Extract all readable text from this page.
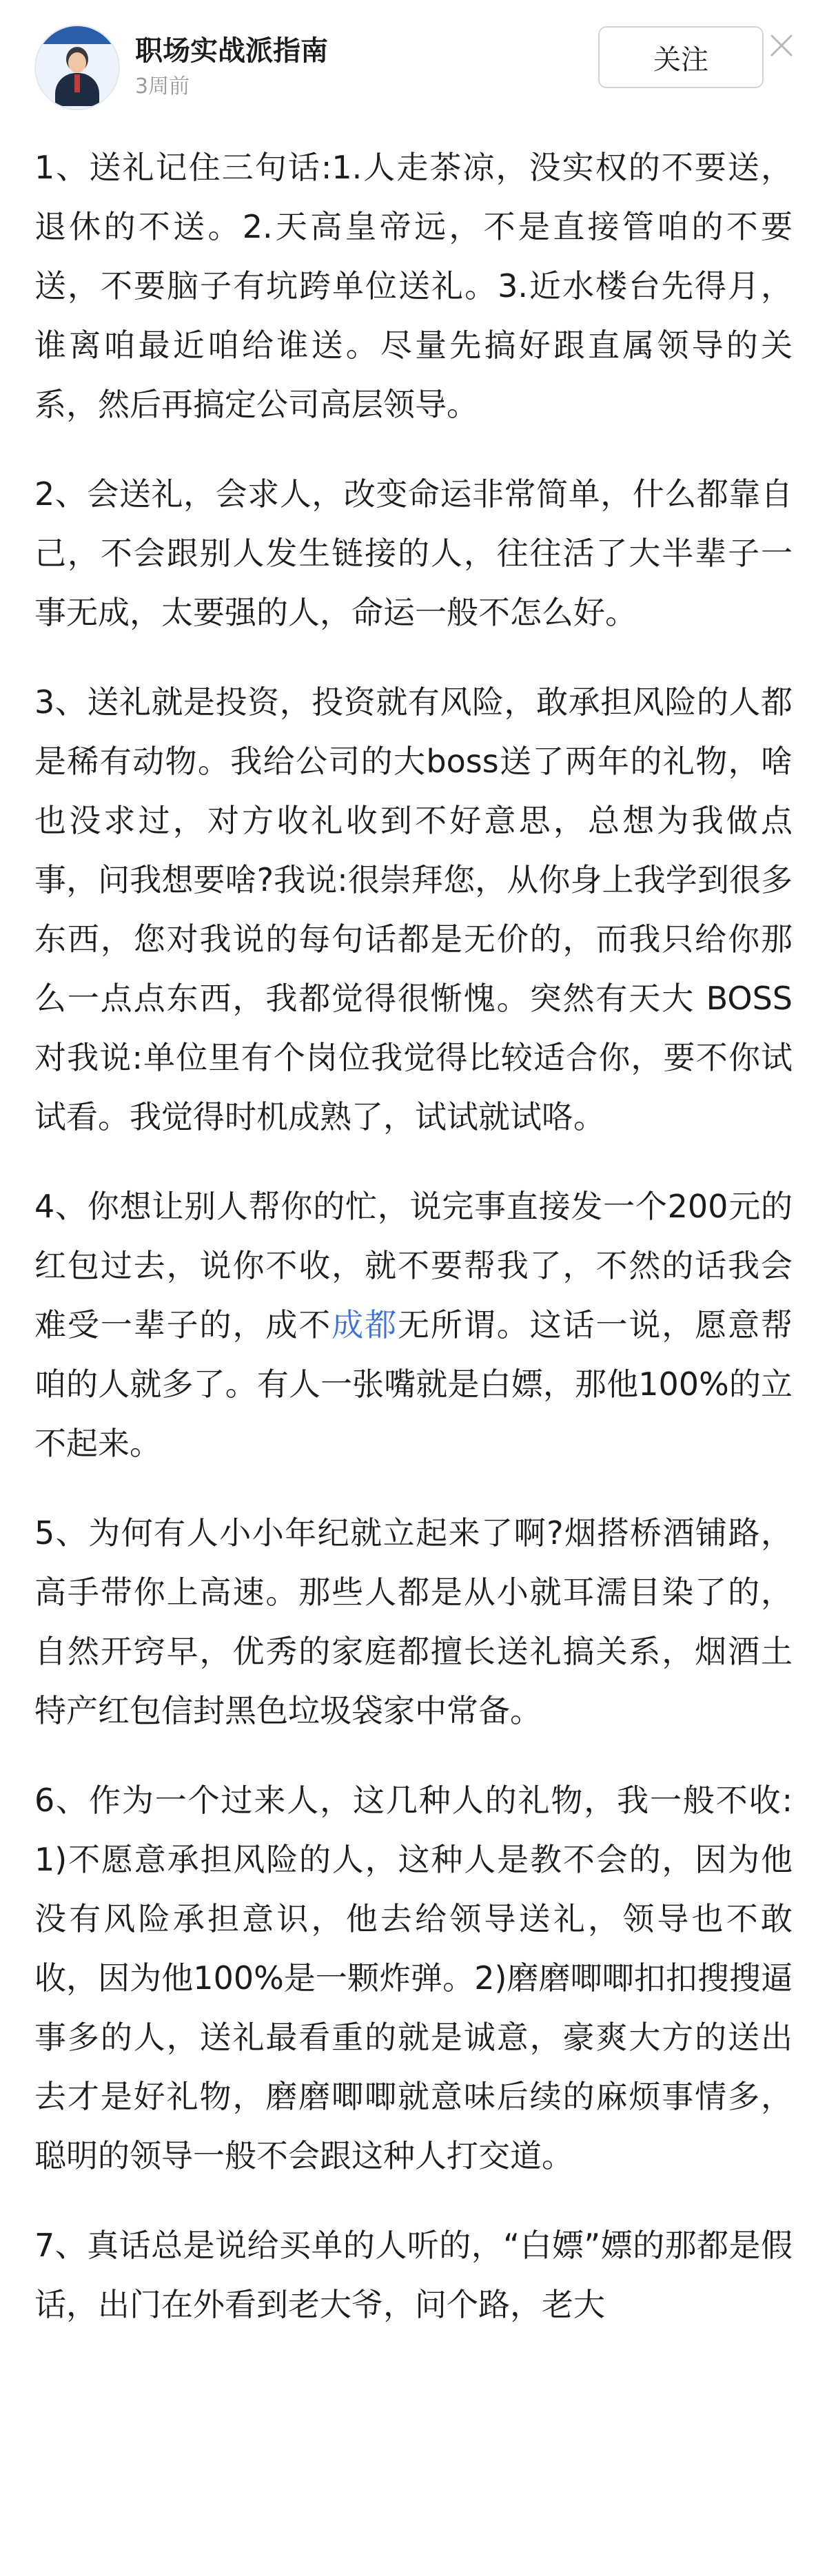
职场实战派指南
3周前
关注

1、送礼记住三句话:1.人走茶凉，没实权的不要送，退休的不送。2.天高皇帝远，不是直接管咱的不要送，不要脑子有坑跨单位送礼。3.近水楼台先得月，谁离咱最近咱给谁送。尽量先搞好跟直属领导的关系，然后再搞定公司高层领导。

2、会送礼，会求人，改变命运非常简单，什么都靠自己，不会跟别人发生链接的人，往往活了大半辈子一事无成，太要强的人，命运一般不怎么好。

3、送礼就是投资，投资就有风险，敢承担风险的人都是稀有动物。我给公司的大boss送了两年的礼物，啥也没求过，对方收礼收到不好意思，总想为我做点事，问我想要啥?我说:很崇拜您，从你身上我学到很多东西，您对我说的每句话都是无价的，而我只给你那么一点点东西，我都觉得很惭愧。突然有天大 BOSS对我说:单位里有个岗位我觉得比较适合你，要不你试试看。我觉得时机成熟了，试试就试咯。

4、你想让别人帮你的忙，说完事直接发一个200元的红包过去，说你不收，就不要帮我了，不然的话我会难受一辈子的，成不成都无所谓。这话一说，愿意帮咱的人就多了。有人一张嘴就是白嫖，那他100%的立不起来。

5、为何有人小小年纪就立起来了啊?烟搭桥酒铺路，高手带你上高速。那些人都是从小就耳濡目染了的，自然开窍早，优秀的家庭都擅长送礼搞关系，烟酒土特产红包信封黑色垃圾袋家中常备。

6、作为一个过来人，这几种人的礼物，我一般不收:1)不愿意承担风险的人，这种人是教不会的，因为他没有风险承担意识，他去给领导送礼，领导也不敢收，因为他100%是一颗炸弹。2)磨磨唧唧扣扣搜搜逼事多的人，送礼最看重的就是诚意，豪爽大方的送出去才是好礼物，磨磨唧唧就意味后续的麻烦事情多，聪明的领导一般不会跟这种人打交道。

7、真话总是说给买单的人听的，“白嫖”嫖的那都是假话，出门在外看到老大爷，问个路，老大
